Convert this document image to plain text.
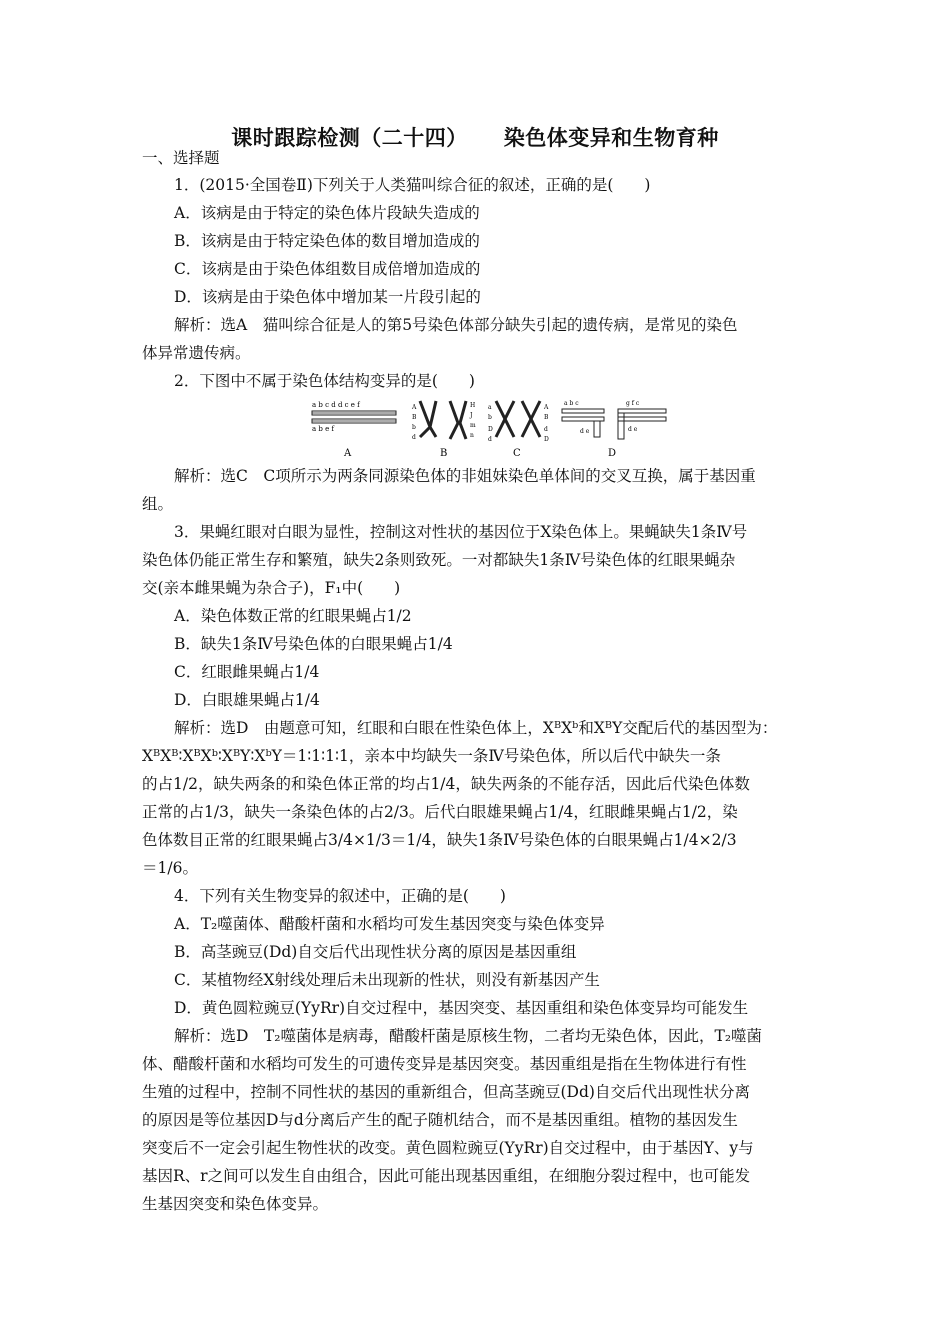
课时跟踪检测（二十四） 染色体变异和生物育种
一、选择题
1．(2015·全国卷Ⅱ)下列关于人类猫叫综合征的叙述，正确的是(　　)
A．该病是由于特定的染色体片段缺失造成的
B．该病是由于特定染色体的数目增加造成的
C．该病是由于染色体组数目成倍增加造成的
D．该病是由于染色体中增加某一片段引起的
解析：选A　猫叫综合征是人的第5号染色体部分缺失引起的遗传病，是常见的染色
体异常遗传病。
2．下图中不属于染色体结构变异的是(　　)
a b c d d c e f
a b e f
A
A
B
b
d
H
J
m
n
B
a
b
D
d
A
B
d
D
C
a b c
d e
g f c
d e
D
解析：选C　C项所示为两条同源染色体的非姐妹染色单体间的交叉互换，属于基因重
组。
3．果蝇红眼对白眼为显性，控制这对性状的基因位于X染色体上。果蝇缺失1条Ⅳ号
染色体仍能正常生存和繁殖，缺失2条则致死。一对都缺失1条Ⅳ号染色体的红眼果蝇杂
交(亲本雌果蝇为杂合子)，F₁中(　　)
A．染色体数正常的红眼果蝇占1/2
B．缺失1条Ⅳ号染色体的白眼果蝇占1/4
C．红眼雌果蝇占1/4
D．白眼雄果蝇占1/4
解析：选D　由题意可知，红眼和白眼在性染色体上，XᴮXᵇ和XᴮY交配后代的基因型为：
XᴮXᴮ∶XᴮXᵇ∶XᴮY∶XᵇY＝1∶1∶1∶1，亲本中均缺失一条Ⅳ号染色体，所以后代中缺失一条
的占1/2，缺失两条的和染色体正常的均占1/4，缺失两条的不能存活，因此后代染色体数
正常的占1/3，缺失一条染色体的占2/3。后代白眼雄果蝇占1/4，红眼雌果蝇占1/2，染
色体数目正常的红眼果蝇占3/4×1/3＝1/4，缺失1条Ⅳ号染色体的白眼果蝇占1/4×2/3
＝1/6。
4．下列有关生物变异的叙述中，正确的是(　　)
A．T₂噬菌体、醋酸杆菌和水稻均可发生基因突变与染色体变异
B．高茎豌豆(Dd)自交后代出现性状分离的原因是基因重组
C．某植物经X射线处理后未出现新的性状，则没有新基因产生
D．黄色圆粒豌豆(YyRr)自交过程中，基因突变、基因重组和染色体变异均可能发生
解析：选D　T₂噬菌体是病毒，醋酸杆菌是原核生物，二者均无染色体，因此，T₂噬菌
体、醋酸杆菌和水稻均可发生的可遗传变异是基因突变。基因重组是指在生物体进行有性
生殖的过程中，控制不同性状的基因的重新组合，但高茎豌豆(Dd)自交后代出现性状分离
的原因是等位基因D与d分离后产生的配子随机结合，而不是基因重组。植物的基因发生
突变后不一定会引起生物性状的改变。黄色圆粒豌豆(YyRr)自交过程中，由于基因Y、y与
基因R、r之间可以发生自由组合，因此可能出现基因重组，在细胞分裂过程中，也可能发
生基因突变和染色体变异。
